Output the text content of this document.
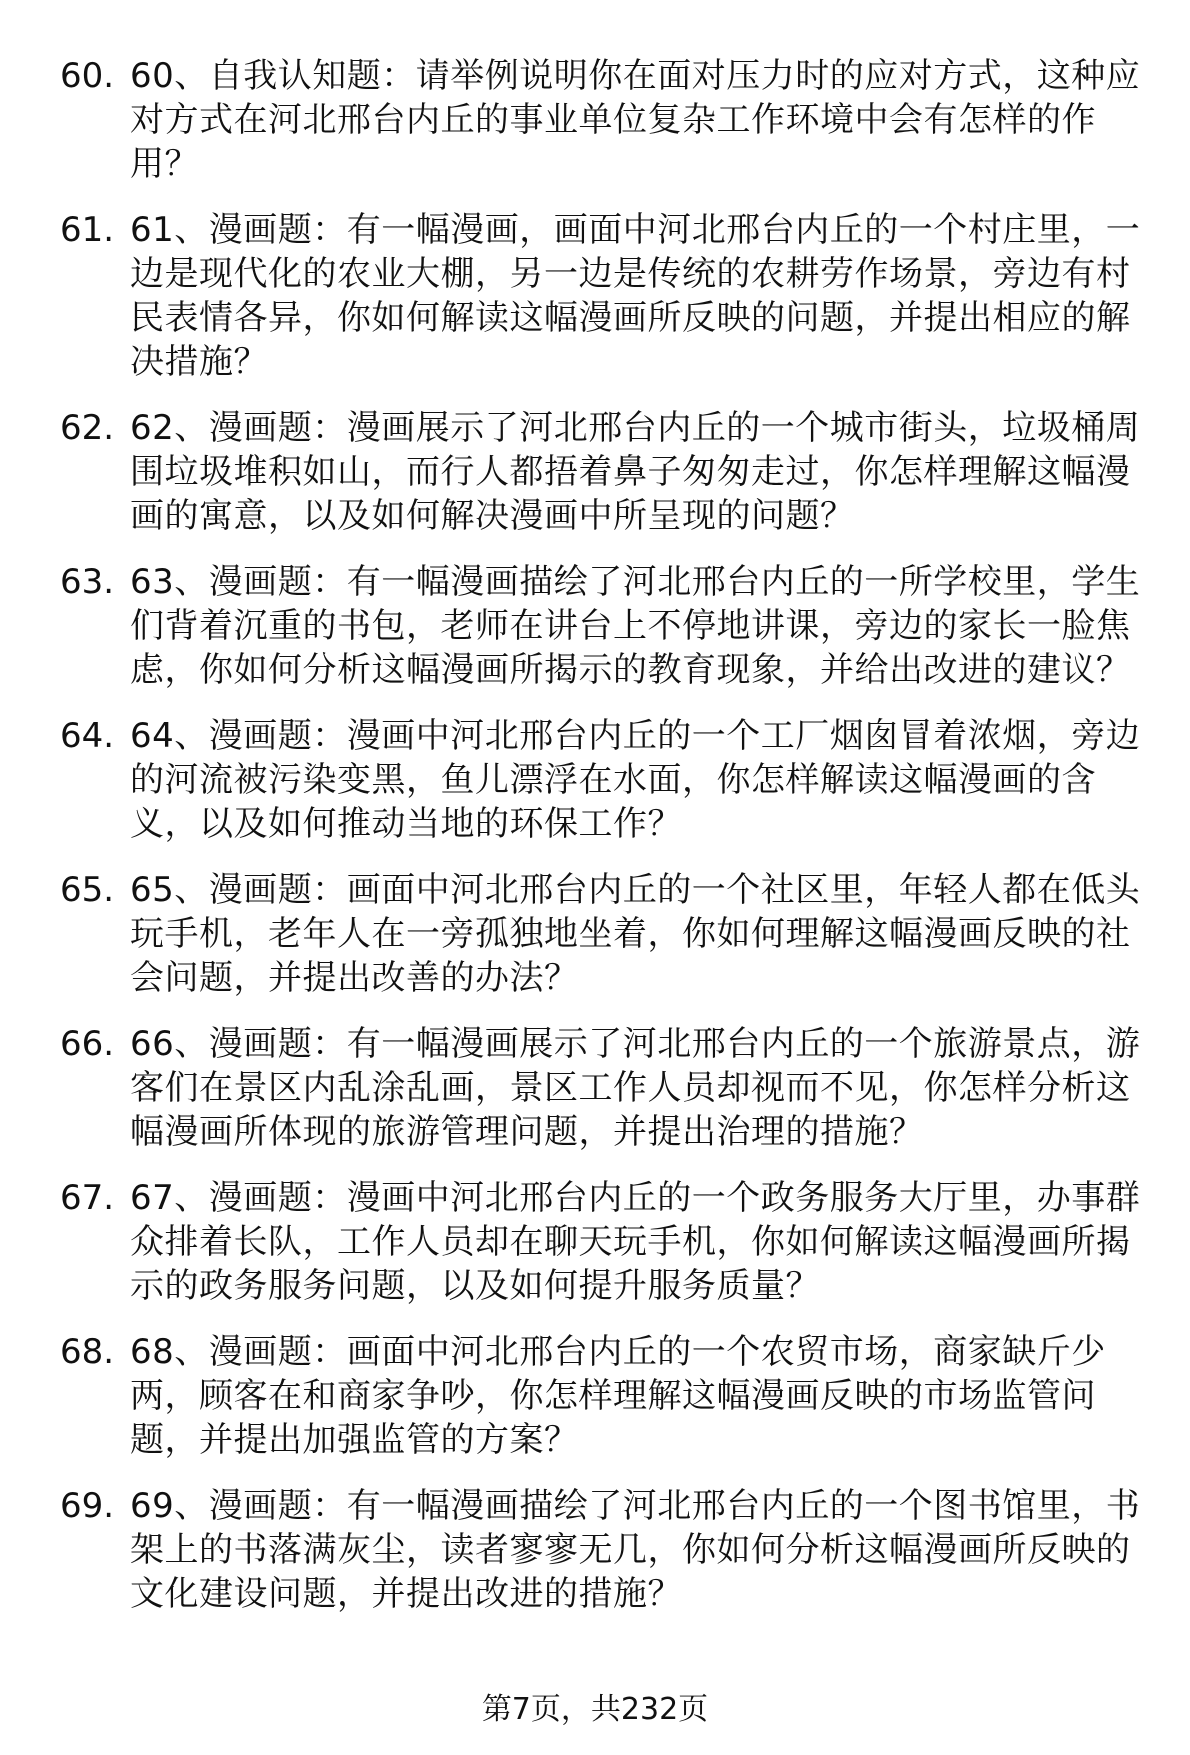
60. 60、自我认知题：请举例说明你在面对压力时的应对方式，这种应对方式在河北邢台内丘的事业单位复杂工作环境中会有怎样的作用？
61. 61、漫画题：有一幅漫画，画面中河北邢台内丘的一个村庄里，一边是现代化的农业大棚，另一边是传统的农耕劳作场景，旁边有村民表情各异，你如何解读这幅漫画所反映的问题，并提出相应的解决措施？
62. 62、漫画题：漫画展示了河北邢台内丘的一个城市街头，垃圾桶周围垃圾堆积如山，而行人都捂着鼻子匆匆走过，你怎样理解这幅漫画的寓意，以及如何解决漫画中所呈现的问题？
63. 63、漫画题：有一幅漫画描绘了河北邢台内丘的一所学校里，学生们背着沉重的书包，老师在讲台上不停地讲课，旁边的家长一脸焦虑，你如何分析这幅漫画所揭示的教育现象，并给出改进的建议？
64. 64、漫画题：漫画中河北邢台内丘的一个工厂烟囱冒着浓烟，旁边的河流被污染变黑，鱼儿漂浮在水面，你怎样解读这幅漫画的含义，以及如何推动当地的环保工作？
65. 65、漫画题：画面中河北邢台内丘的一个社区里，年轻人都在低头玩手机，老年人在一旁孤独地坐着，你如何理解这幅漫画反映的社会问题，并提出改善的办法？
66. 66、漫画题：有一幅漫画展示了河北邢台内丘的一个旅游景点，游客们在景区内乱涂乱画，景区工作人员却视而不见，你怎样分析这幅漫画所体现的旅游管理问题，并提出治理的措施？
67. 67、漫画题：漫画中河北邢台内丘的一个政务服务大厅里，办事群众排着长队，工作人员却在聊天玩手机，你如何解读这幅漫画所揭示的政务服务问题，以及如何提升服务质量？
68. 68、漫画题：画面中河北邢台内丘的一个农贸市场，商家缺斤少两，顾客在和商家争吵，你怎样理解这幅漫画反映的市场监管问题，并提出加强监管的方案？
69. 69、漫画题：有一幅漫画描绘了河北邢台内丘的一个图书馆里，书架上的书落满灰尘，读者寥寥无几，你如何分析这幅漫画所反映的文化建设问题，并提出改进的措施？
第7页，共232页
